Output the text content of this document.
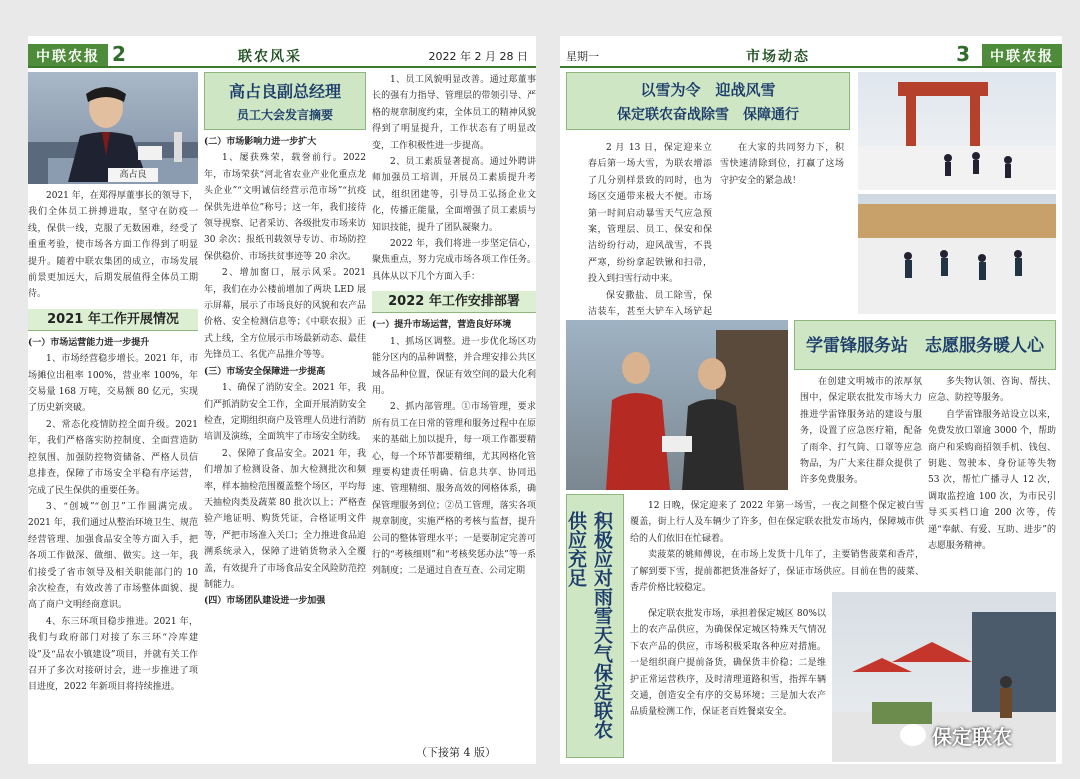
中联农报 2	联农风采	2022 年 2 月 28 日
高占良
高占良副总经理
员工大会发言摘要

2021 年，在郑得厚董事长的领导下，我们全体员工拼搏进取，坚守在防疫一线，保供一线，克服了无数困难，经受了重重考验，使市场各方面工作得到了明显提升。随着中联农集团的成立，市场发展前景更加远大，后期发展值得全体员工期待。

2021 年工作开展情况
(一）市场运营能力进一步提升

1、市场经营稳步增长。2021 年，市场摊位出租率 100%，营业率 100%，年交易量 168 万吨，交易额 80 亿元，实现了历史新突破。

2、常态化疫情防控全面升级。2021 年，我们严格落实防控制度、全面营造防控氛围、加强防控物资储备、严格人员信息排查，保障了市场安全平稳有序运营，完成了民生保供的重要任务。

3、“创城”“创卫”工作圆满完成。2021 年，我们通过从整治环境卫生、规范经营管理、加强食品安全等方面入手，把各项工作做深、做细、做实。这一年，我们接受了省市领导及相关职能部门的 10 余次检查，有效改善了市场整体面貌、提高了商户文明经商意识。

4、东三环项目稳步推进。2021 年，我们与政府部门对接了东三环“冷库建设”及“品农小镇建设”项目，并就有关工作召开了多次对接研讨会，进一步推进了项目进度，2022 年新项目将持续推进。

(二）市场影响力进一步扩大

1、屡获殊荣，载誉前行。2022 年，市场荣获“河北省农业产业化重点龙头企业”“文明诚信经营示范市场”“抗疫保供先进单位”称号；这一年，我们接待领导视察、记者采访、各级批发市场来访 30 余次；报纸刊载领导专访、市场防控保供稳价、市场扶贫事迹等 20 余次。

2、增加窗口，展示风采。2021 年，我们在办公楼前增加了两块 LED 展示屏幕，展示了市场良好的风貌和农产品价格、安全检测信息等；《中联农报》正式上线，全方位展示市场最新动态、最佳先锋员工、名优产品推介等等。

(三）市场安全保障进一步提高

1、确保了消防安全。2021 年，我们严抓消防安全工作，全面开展消防安全检查，定期组织商户及管理人员进行消防培训及演练，全面筑牢了市场安全防线。

2、保障了食品安全。2021 年，我们增加了检测设备、加大检测批次和频率，样本抽检范围覆盖整个场区，平均每天抽检肉类及蔬菜 80 批次以上；严格查验产地证明、购货凭证，合格证明文件等，严把市场准入关口；全力推进食品追溯系统录入，保障了进销货物录入全覆盖，有效提升了市场食品安全风险防范控制能力。

(四）市场团队建设进一步加强

1、员工风貌明显改善。通过郑董事长的强有力指导、管理层的带领引导、严格的规章制度约束，全体员工的精神风貌得到了明显提升，工作状态有了明显改变，工作积极性进一步提高。

2、员工素质显著提高。通过外聘讲师加强员工培训，开展员工素质提升考试，组织团建等，引导员工弘扬企业文化，传播正能量，全面增强了员工素质与知识技能，提升了团队凝聚力。

2022 年，我们将进一步坚定信心，聚焦重点，努力完成市场各项工作任务。具体从以下几个方面入手：

2022 年工作安排部署
(一）提升市场运营，营造良好环境

1、抓场区调整。进一步优化场区功能分区内的品种调整，并合理安排公共区域各品种位置，保证有效空间的最大化利用。

2、抓内部管理。①市场管理，要求所有员工在日常的管理和服务过程中在原来的基础上加以提升，每一项工作都要精心，每一个环节都要精细，尤其网格化管理要构建责任明确、信息共享、协同迅速、管理精细、服务高效的网格体系，确保管理服务到位；②员工管理，落实各项规章制度，实施严格的考核与监督，提升公司的整体管理水平；一是要制定完善可行的“考核细则”和“考核奖惩办法”等一系列制度；二是通过自查互查、公司定期

（下接第 4 版）
星期一	市场动态	3	中联农报
以雪为令　迎战风雪
保定联农奋战除雪　保障通行

2 月 13 日，保定迎来立春后第一场大雪，为联农增添了几分别样景致的同时，也为场区交通带来极大不便。市场第一时间启动暴雪天气应急预案，管理层、员工、保安和保洁纷纷行动，迎风战雪，不畏严寒，纷纷拿起铁锹和扫帚，投入到扫雪行动中来。

保安撒盐、员工除雪，保洁装车，甚至大铲车入场铲起

在大家的共同努力下，积雪快速清除到位，打赢了这场守护安全的紧急战！

学雷锋服务站　志愿服务暖人心

在创建文明城市的浓厚氛围中，保定联农批发市场大力推进学雷锋服务站的建设与服务，设置了应急医疗箱，配备了雨伞、打气筒、口罩等应急物品，为广大来往群众提供了许多免费服务。

多失物认领、咨询、帮扶、应急、防控等服务。

自学雷锋服务站设立以来，免费发放口罩逾 3000 个，帮助商户和采购商招领手机、钱包、钥匙、驾驶本、身份证等失物 53 次，帮忙广播寻人 12 次，调取监控逾 100 次，为市民引导买买档口逾 200 次等，传递“奉献、有爱、互助、进步”的志愿服务精神。

积极应对雨雪天气保定联农供应充足

12 日晚，保定迎来了 2022 年第一场雪，一夜之间整个保定被白雪覆盖，街上行人及车辆少了许多，但在保定联农批发市场内，保障城市供给的人们依旧在忙碌着。

卖菠菜的姚师傅说，在市场上发货十几年了，主要销售菠菜和香芹，了解到要下雪，提前都把货准备好了，保证市场供应。目前在售的菠菜、香芹价格比较稳定。

保定联农批发市场，承担着保定城区 80%以上的农产品供应，为确保保定城区特殊天气情况下农产品的供应，市场积极采取各种应对措施。一是组织商户提前备货，确保货丰价稳；二是维护正常运营秩序，及时清理道路积雪，指挥车辆交通，创造安全有序的交易环境；三是加大农产品质量检测工作，保证老百姓餐桌安全。

保定联农
